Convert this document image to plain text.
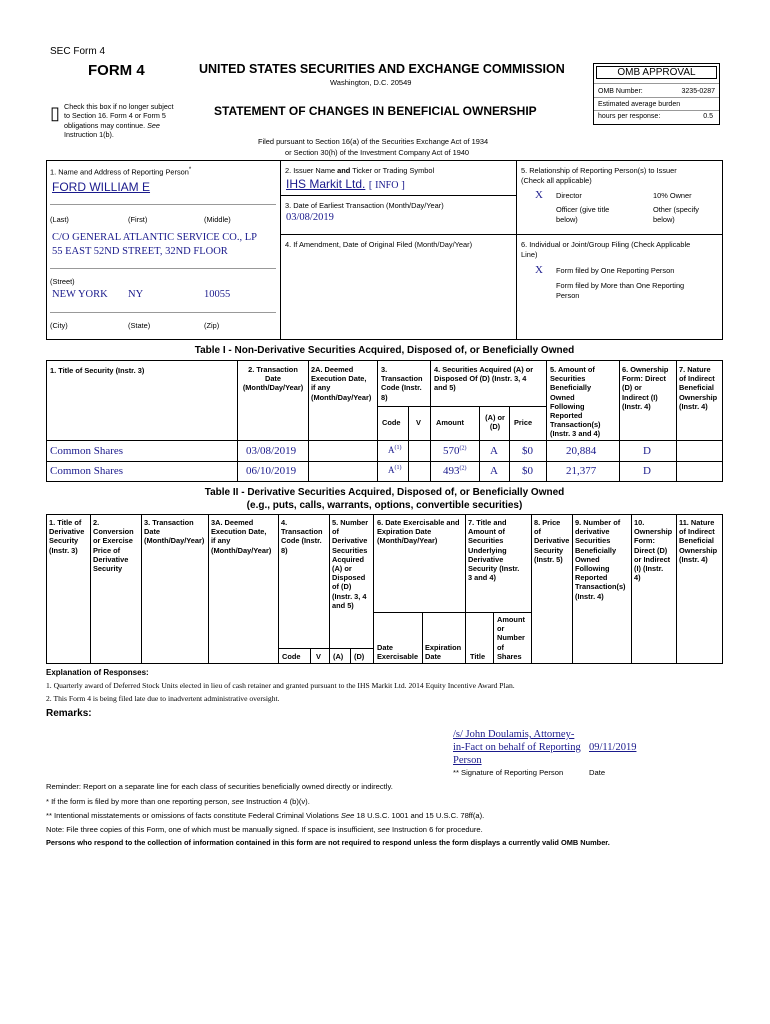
SEC Form 4
FORM 4	UNITED STATES SECURITIES AND EXCHANGE COMMISSION
Washington, D.C. 20549
▯ Check this box if no longer subject
to Section 16. Form 4 or Form 5
obligations may continue. See
Instruction 1(b).
STATEMENT OF CHANGES IN BENEFICIAL OWNERSHIP
Filed pursuant to Section 16(a) of the Securities Exchange Act of 1934
or Section 30(h) of the Investment Company Act of 1940
OMB APPROVAL
OMB Number:	3235-0287
Estimated average burden
hours per response:	0.5
1. Name and Address of Reporting Person*
FORD WILLIAM E
(Last)	(First)	(Middle)
C/O GENERAL ATLANTIC SERVICE CO., LP
55 EAST 52ND STREET, 32ND FLOOR
(Street)
NEW YORK NY	10055
(City)	(State)	(Zip)
2. Issuer Name and Ticker or Trading Symbol
IHS Markit Ltd. [ INFO ]
3. Date of Earliest Transaction (Month/Day/Year)
03/08/2019
4. If Amendment, Date of Original Filed (Month/Day/Year)
5. Relationship of Reporting Person(s) to Issuer
(Check all applicable)
X Director	10% Owner
Officer (give title
below)
Other (specify
below)
6. Individual or Joint/Group Filing (Check Applicable
Line)
X Form filed by One Reporting Person
Form filed by More than One Reporting
Person
Table I - Non-Derivative Securities Acquired, Disposed of, or Beneficially Owned
1. Title of Security (Instr. 3)	2. Transaction
Date
(Month/Day/Year)
2A. Deemed
Execution Date,
if any
(Month/Day/Year)
3.
Transaction
Code (Instr.
8)
4. Securities Acquired (A) or
Disposed Of (D) (Instr. 3, 4
and 5)
5. Amount of
Securities
Beneficially
Owned
Following
Reported
Transaction(s)
(Instr. 3 and 4)
6. Ownership
Form: Direct
(D) or
Indirect (I)
(Instr. 4)
7. Nature
of Indirect
Beneficial
Ownership
(Instr. 4)
Code V Amount
(A) or
(D)	Price
Common Shares	03/08/2019	$A^{(1)}$	570$^{(2)}$ A $0	20,884	D
Common Shares	06/10/2019	$A^{(1)}$	493$^{(2)}$ A $0	21,377	D
Table II - Derivative Securities Acquired, Disposed of, or Beneficially Owned
(e.g., puts, calls, warrants, options, convertible securities)
1. Title of
Derivative
Security
(Instr. 3)
2.
Conversion
or Exercise
Price of
Derivative
Security
3. Transaction
Date
(Month/Day/Year)
3A. Deemed
Execution Date,
if any
(Month/Day/Year)
4.
Transaction
Code (Instr.
8)
5. Number
of
Derivative
Securities
Acquired
(A) or
Disposed
of (D)
(Instr. 3, 4
and 5)
6. Date Exercisable and
Expiration Date
(Month/Day/Year)
7. Title and
Amount of
Securities
Underlying
Derivative
Security (Instr.
3 and 4)
8. Price
of
Derivative
Security
(Instr. 5)
9. Number of
derivative
Securities
Beneficially
Owned
Following
Reported
Transaction(s)
(Instr. 4)
10.
Ownership
Form:
Direct (D)
or Indirect
(I) (Instr.
4)
11. Nature
of Indirect
Beneficial
Ownership
(Instr. 4)
Code V (A) (D)
Date
Exercisable
Expiration
Date	Title
Amount
or
Number
of
Shares
Explanation of Responses:
1. Quarterly award of Deferred Stock Units elected in lieu of cash retainer and granted pursuant to the IHS Markit Ltd. 2014 Equity Incentive Award Plan.
2. This Form 4 is being filed late due to inadvertent administrative oversight.
Remarks:
/s/ John Doulamis, Attorney-
in-Fact on behalf of Reporting
Person
09/11/2019
** Signature of Reporting Person	Date
Reminder: Report on a separate line for each class of securities beneficially owned directly or indirectly.
* If the form is filed by more than one reporting person, see Instruction 4 (b)(v).
** Intentional misstatements or omissions of facts constitute Federal Criminal Violations See 18 U.S.C. 1001 and 15 U.S.C. 78ff(a).
Note: File three copies of this Form, one of which must be manually signed. If space is insufficient, see Instruction 6 for procedure.
Persons who respond to the collection of information contained in this form are not required to respond unless the form displays a currently valid OMB Number.
